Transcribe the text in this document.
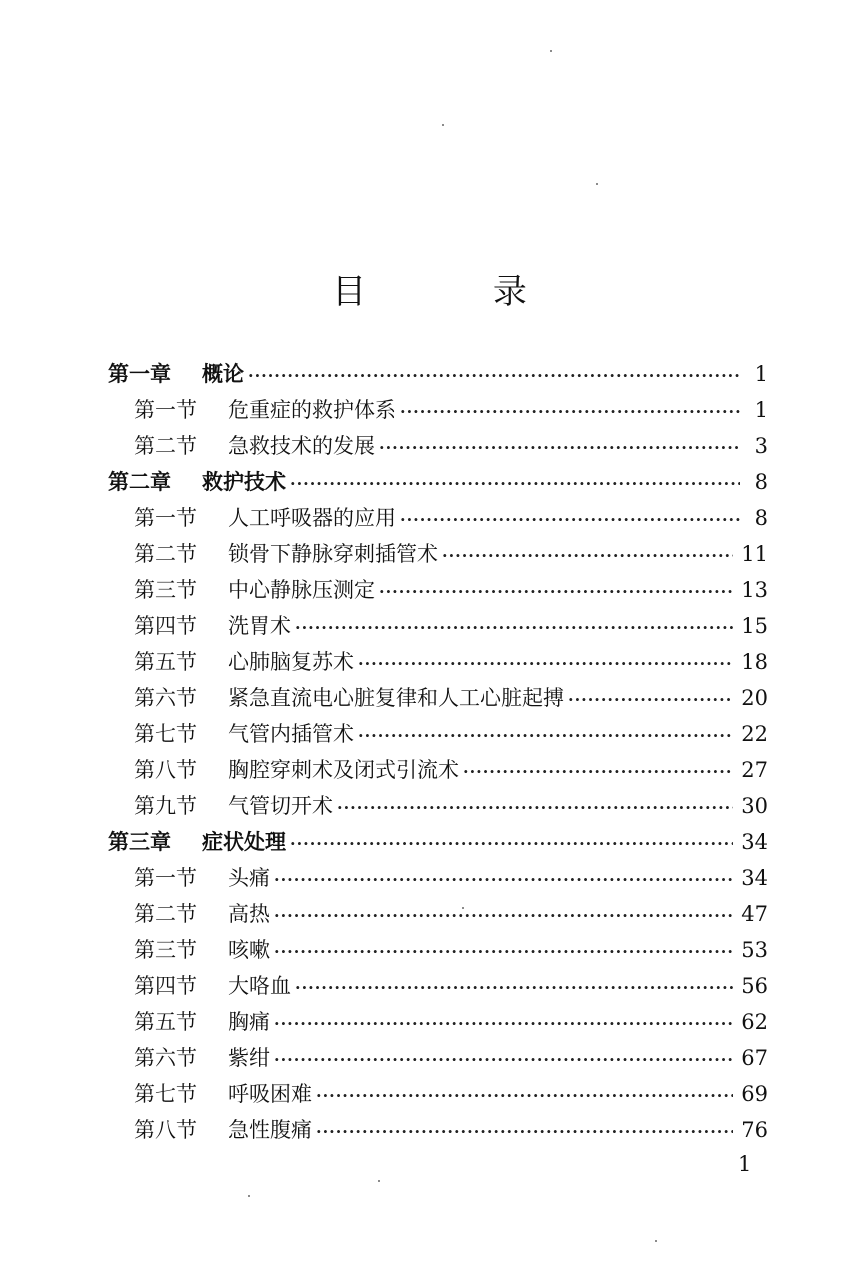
目 录
第一章	概论 ·····	1
第一节	危重症的救护体系 ·····	1
第二节	急救技术的发展 ·····	3
第二章	救护技术 ·····	8
第一节	人工呼吸器的应用 ·····	8
第二节	锁骨下静脉穿刺插管术 ·····	11
第三节	中心静脉压测定 ·····	13
第四节	洗胃术 ·····	15
第五节	心肺脑复苏术 ·····	18
第六节	紧急直流电心脏复律和人工心脏起搏 ·····	20
第七节	气管内插管术 ·····	22
第八节	胸腔穿刺术及闭式引流术 ·····	27
第九节	气管切开术 ·····	30
第三章	症状处理 ·····	34
第一节	头痛 ·····	34
第二节	高热 ·····	47
第三节	咳嗽 ·····	53
第四节	大咯血 ·····	56
第五节	胸痛 ·····	62
第六节	紫绀 ·····	67
第七节	呼吸困难 ·····	69
第八节	急性腹痛 ·····	76
1
